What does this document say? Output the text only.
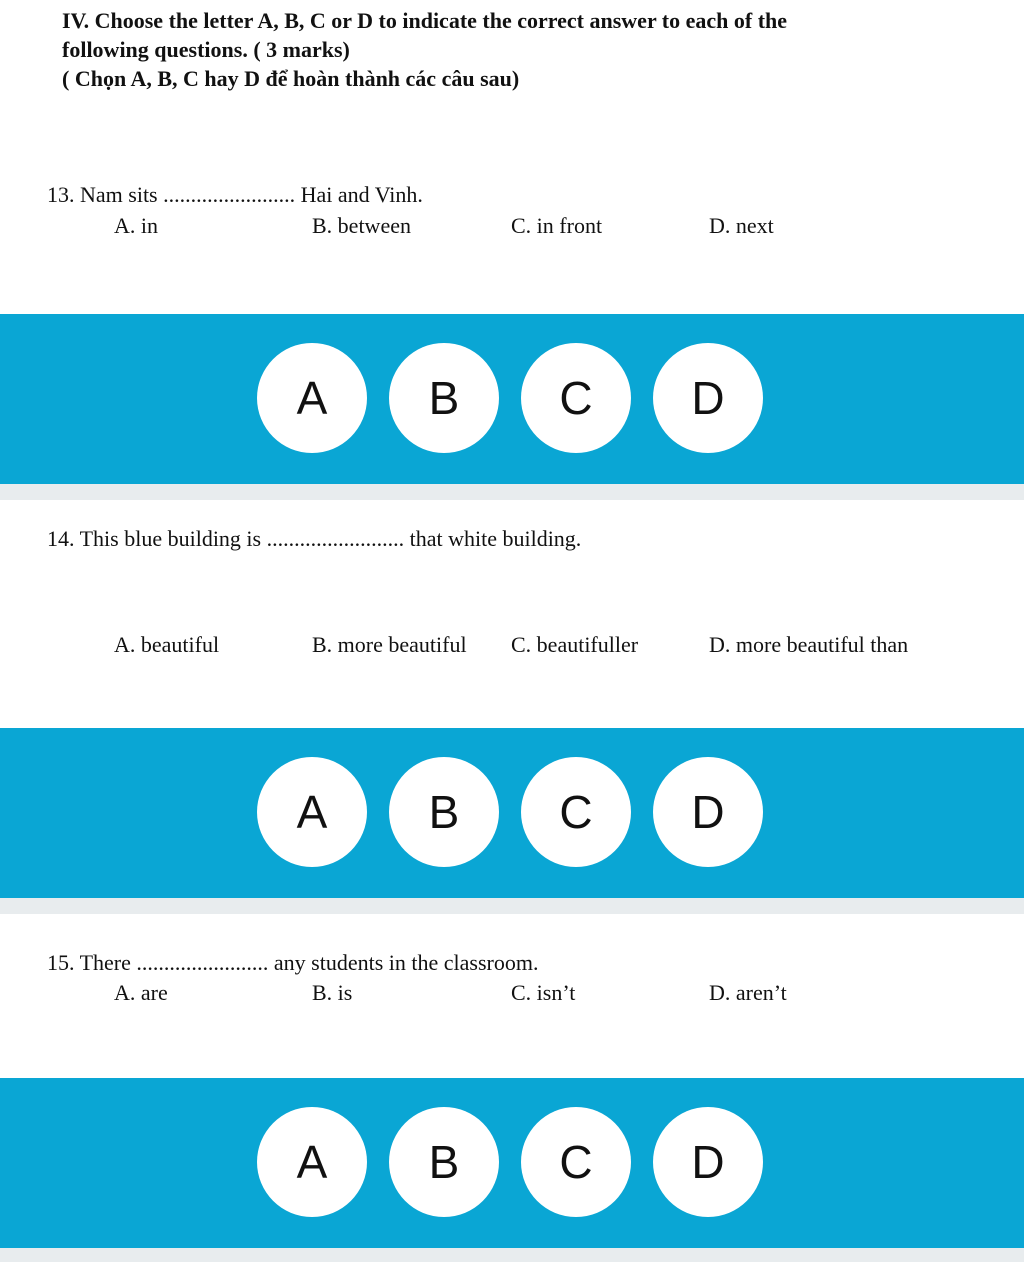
IV. Choose the letter A, B, C or D to indicate the correct answer to each of the
following questions. ( 3 marks)
( Chọn A, B, C hay D để hoàn thành các câu sau)
13. Nam sits ........................ Hai and Vinh.
A. in	B. between	C. in front	D. next
A	B	C	D
14. This blue building is ......................... that white building.
A. beautiful	B. more beautiful C. beautifuller	D. more beautiful than
A	B	C	D
15. There ........................ any students in the classroom.
A. are	B. is	C. isn’t	D. aren’t
A	B	C	D
